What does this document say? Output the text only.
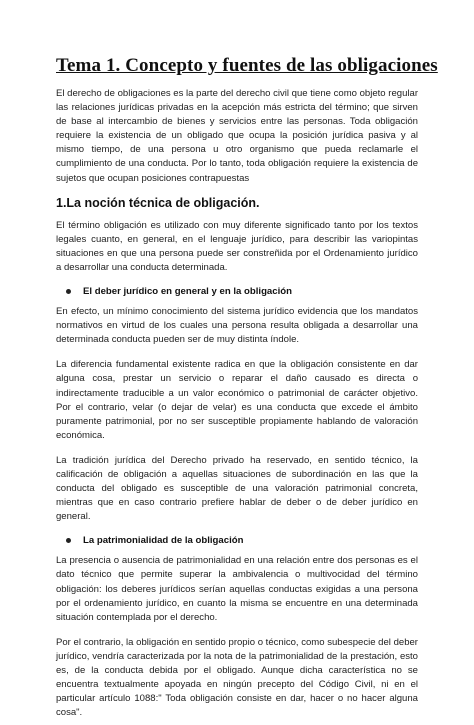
Tema 1. Concepto y fuentes de las obligaciones

El derecho de obligaciones es la parte del derecho civil que tiene como objeto regular las relaciones jurídicas privadas en la acepción más estricta del término; que sirven de base al intercambio de bienes y servicios entre las personas. Toda obligación requiere la existencia de un obligado que ocupa la posición jurídica pasiva y al mismo tiempo, de una persona u otro organismo que pueda reclamarle el cumplimiento de una conducta. Por lo tanto, toda obligación requiere la existencia de sujetos que ocupan posiciones contrapuestas

1.La noción técnica de obligación.

El término obligación es utilizado con muy diferente significado tanto por los textos legales cuanto, en general, en el lenguaje jurídico, para describir las variopintas situaciones en que una persona puede ser constreñida por el Ordenamiento jurídico a desarrollar una conducta determinada.

El deber jurídico en general y en la obligación

En efecto, un mínimo conocimiento del sistema jurídico evidencia que los mandatos normativos en virtud de los cuales una persona resulta obligada a desarrollar una determinada conducta pueden ser de muy distinta índole.

La diferencia fundamental existente radica en que la obligación consistente en dar alguna cosa, prestar un servicio o reparar el daño causado es directa o indirectamente traducible a un valor económico o patrimonial de carácter objetivo. Por el contrario, velar (o dejar de velar) es una conducta que excede el ámbito puramente patrimonial, por no ser susceptible propiamente hablando de valoración económica.

La tradición jurídica del Derecho privado ha reservado, en sentido técnico, la calificación de obligación a aquellas situaciones de subordinación en las que la conducta del obligado es susceptible de una valoración patrimonial concreta, mientras que en caso contrario prefiere hablar de deber o de deber jurídico en general.

La patrimonialidad de la obligación

La presencia o ausencia de patrimonialidad en una relación entre dos personas es el dato técnico que permite superar la ambivalencia o multivocidad del término obligación: los deberes jurídicos serían aquellas conductas exigidas a una persona por el ordenamiento jurídico, en cuanto la misma se encuentre en una determinada situación contemplada por el derecho.

Por el contrario, la obligación en sentido propio o técnico, como subespecie del deber jurídico, vendría caracterizada por la nota de la patrimonialidad de la prestación, esto es, de la conducta debida por el obligado. Aunque dicha característica no se encuentra textualmente apoyada en ningún precepto del Código Civil, ni en el particular artículo 1088:" Toda obligación consiste en dar, hacer o no hacer alguna cosa".
